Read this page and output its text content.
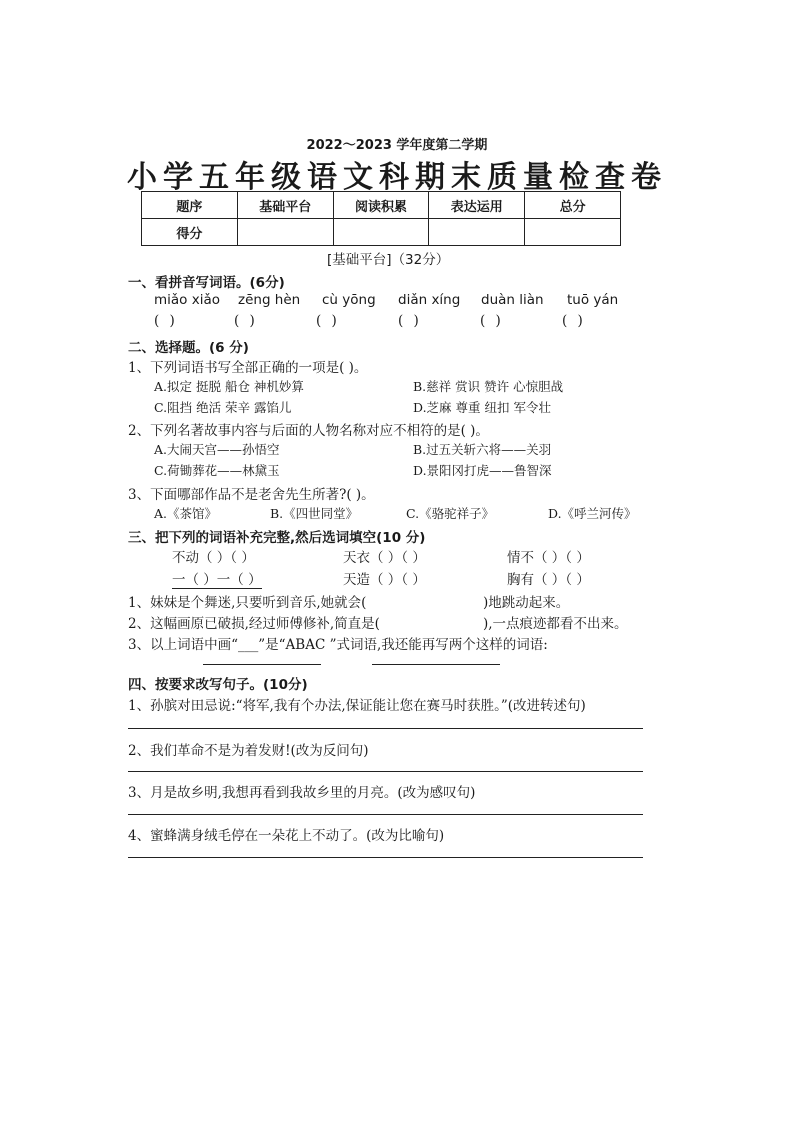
2022～2023 学年度第二学期
小学五年级语文科期末质量检查卷
题序	基础平台	阅读积累	表达运用	总分
得分				
[基础平台]（32分）
一、看拼音写词语。(6分)
miǎo xiǎo zēng hèn cù yōng diǎn xíng duàn liàn tuō yán
( )	( )	( )	( )	( )	( )
二、选择题。(6 分)
1、下列词语书写全部正确的一项是( )。
A.拟定 挺脱 船仓 神机妙算	B.慈祥 赏识 赞许 心惊胆战
C.阻挡 绝活 荣辛 露馅儿	D.芝麻 尊重 纽扣 军令壮
2、下列名著故事内容与后面的人物名称对应不相符的是( )。
A.大闹天宫——孙悟空	B.过五关斩六将——关羽
C.荷锄葬花——林黛玉	D.景阳冈打虎——鲁智深
3、下面哪部作品不是老舍先生所著?( )。
A.《茶馆》	B.《四世同堂》	C.《骆驼祥子》	D.《呼兰河传》
三、把下列的词语补充完整,然后选词填空(10 分)
不动（ ）（ ）	天衣（ ）（ ）	情不（ ）（ ）
一（ ）一（ ）	天造（ ）（ ）	胸有（ ）（ ）
1、妹妹是个舞迷,只要听到音乐,她就会(	)地跳动起来。
2、这幅画原已破损,经过师傅修补,简直是(	),一点痕迹都看不出来。
3、以上词语中画“___”是“ABAC ”式词语,我还能再写两个这样的词语:
四、按要求改写句子。(10分)
1、孙膑对田忌说:“将军,我有个办法,保证能让您在赛马时获胜。”(改进转述句)
2、我们革命不是为着发财!(改为反问句)
3、月是故乡明,我想再看到我故乡里的月亮。(改为感叹句)
4、蜜蜂满身绒毛停在一朵花上不动了。(改为比喻句)
